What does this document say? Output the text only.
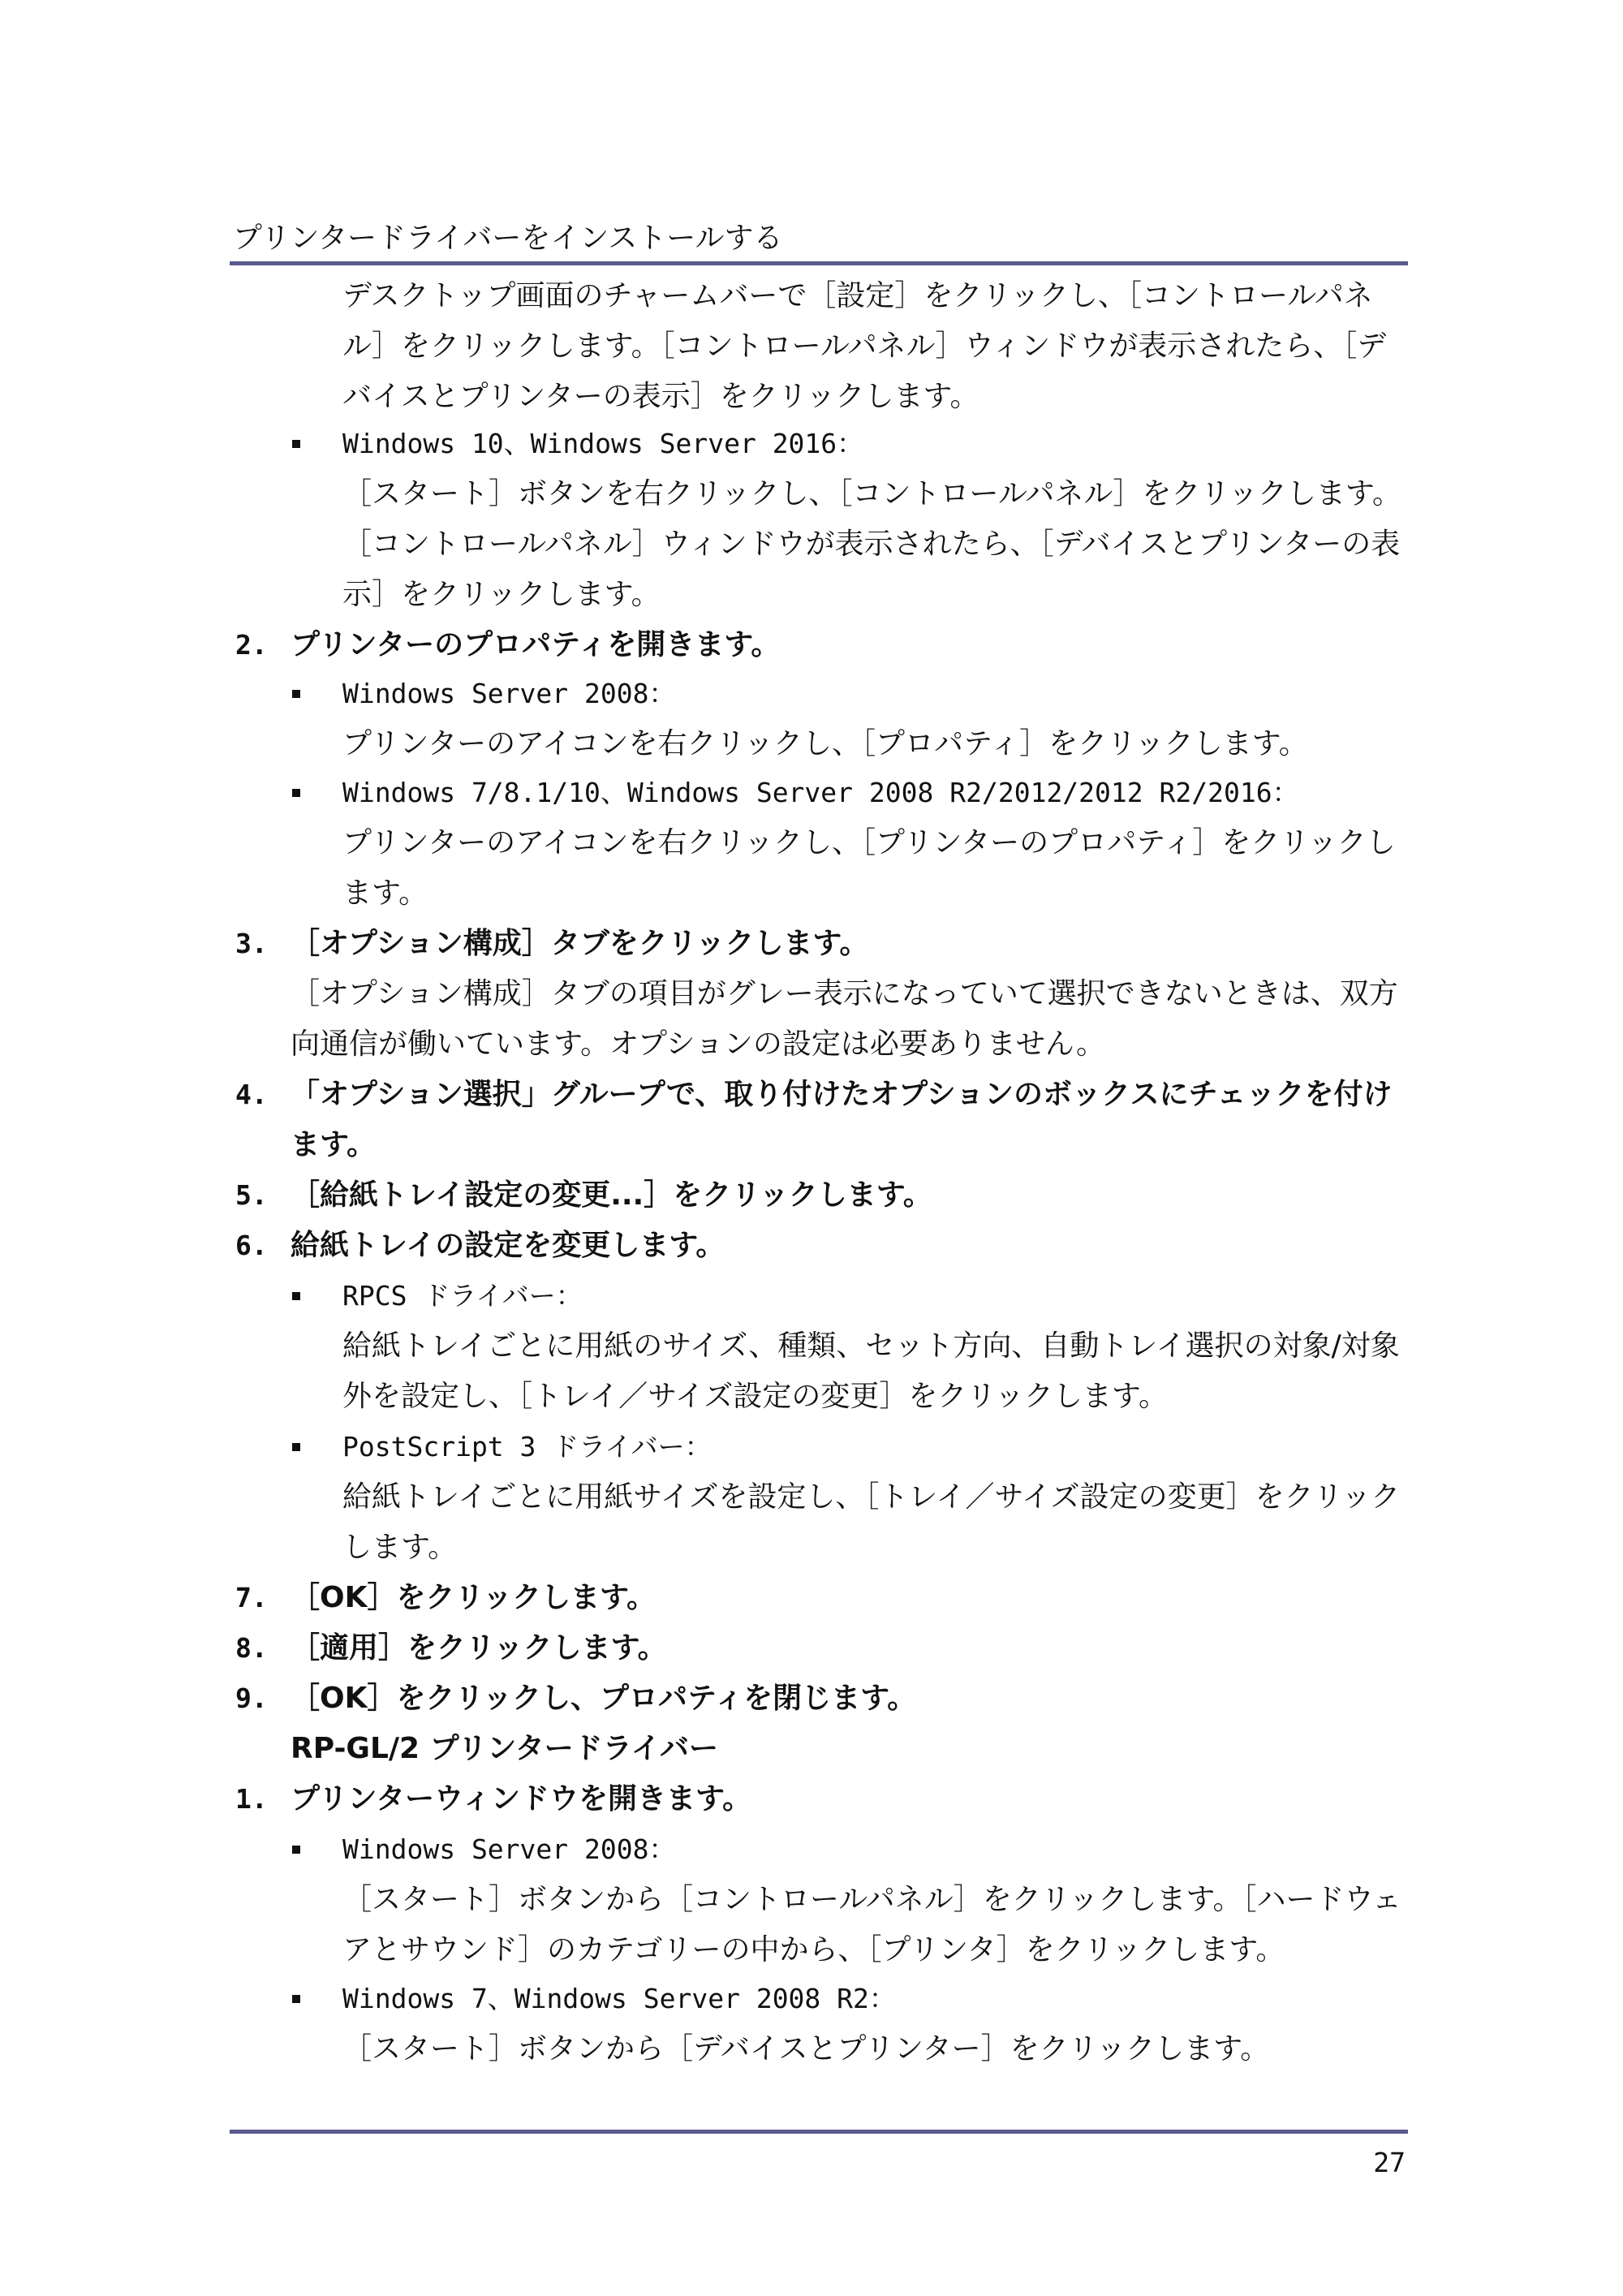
プリンタードライバーをインストールする
デスクトップ画面のチャームバーで［設定］をクリックし、［コントロールパネ
ル］をクリックします。［コントロールパネル］ウィンドウが表示されたら、［デ
バイスとプリンターの表示］をクリックします。
Windows 10、Windows Server 2016：
［スタート］ボタンを右クリックし、［コントロールパネル］をクリックします。
［コントロールパネル］ウィンドウが表示されたら、［デバイスとプリンターの表
示］をクリックします。
2. プリンターのプロパティを開きます。
Windows Server 2008：
プリンターのアイコンを右クリックし、［プロパティ］をクリックします。
Windows 7/8.1/10、Windows Server 2008 R2/2012/2012 R2/2016：
プリンターのアイコンを右クリックし、［プリンターのプロパティ］をクリックし
ます。
3. ［オプション構成］タブをクリックします。
［オプション構成］タブの項目がグレー表示になっていて選択できないときは、双方
向通信が働いています。オプションの設定は必要ありません。
4. 「オプション選択」グループで、取り付けたオプションのボックスにチェックを付け
ます。
5. ［給紙トレイ設定の変更...］をクリックします。
6. 給紙トレイの設定を変更します。
RPCS ドライバー：
給紙トレイごとに用紙のサイズ、種類、セット方向、自動トレイ選択の対象/対象
外を設定し、［トレイ／サイズ設定の変更］をクリックします。
PostScript 3 ドライバー：
給紙トレイごとに用紙サイズを設定し、［トレイ／サイズ設定の変更］をクリック
します。
7. ［OK］をクリックします。
8. ［適用］をクリックします。
9. ［OK］をクリックし、プロパティを閉じます。
RP-GL/2 プリンタードライバー
1. プリンターウィンドウを開きます。
Windows Server 2008：
［スタート］ボタンから［コントロールパネル］をクリックします。［ハードウェ
アとサウンド］のカテゴリーの中から、［プリンタ］をクリックします。
Windows 7、Windows Server 2008 R2：
［スタート］ボタンから［デバイスとプリンター］をクリックします。
27
